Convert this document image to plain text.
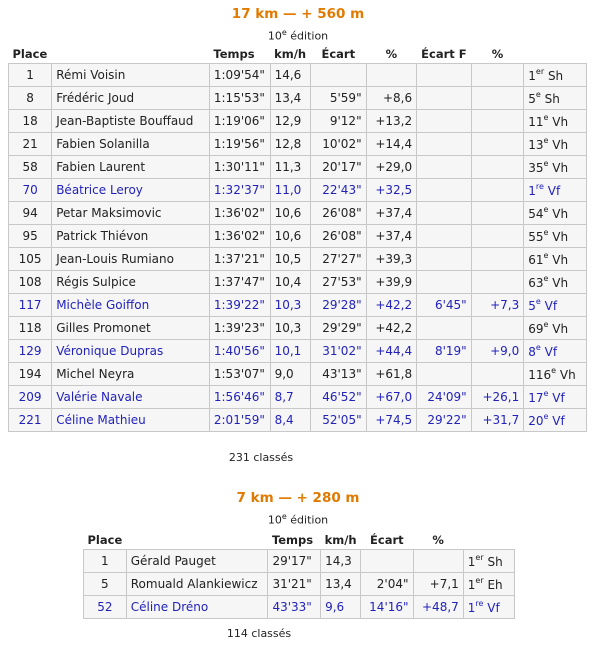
17 km — + 560 m
10e édition
Place		Temps	km/h	Écart	%	Écart F	%	
1	Rémi Voisin	1:09'54"	14,6					1er Sh
8	Frédéric Joud	1:15'53"	13,4	5'59"	+8,6			5e Sh
18	Jean-Baptiste Bouffaud	1:19'06"	12,9	9'12"	+13,2			11e Vh
21	Fabien Solanilla	1:19'56"	12,8	10'02"	+14,4			13e Vh
58	Fabien Laurent	1:30'11"	11,3	20'17"	+29,0			35e Vh
70	Béatrice Leroy	1:32'37"	11,0	22'43"	+32,5			1re Vf
94	Petar Maksimovic	1:36'02"	10,6	26'08"	+37,4			54e Vh
95	Patrick Thiévon	1:36'02"	10,6	26'08"	+37,4			55e Vh
105	Jean-Louis Rumiano	1:37'21"	10,5	27'27"	+39,3			61e Vh
108	Régis Sulpice	1:37'47"	10,4	27'53"	+39,9			63e Vh
117	Michèle Goiffon	1:39'22"	10,3	29'28"	+42,2	6'45"	+7,3	5e Vf
118	Gilles Promonet	1:39'23"	10,3	29'29"	+42,2			69e Vh
129	Véronique Dupras	1:40'56"	10,1	31'02"	+44,4	8'19"	+9,0	8e Vf
194	Michel Neyra	1:53'07"	9,0	43'13"	+61,8			116e Vh
209	Valérie Navale	1:56'46"	8,7	46'52"	+67,0	24'09"	+26,1	17e Vf
221	Céline Mathieu	2:01'59"	8,4	52'05"	+74,5	29'22"	+31,7	20e Vf
231 classés
7 km — + 280 m
10e édition
Place		Temps	km/h	Écart	%	
1	Gérald Pauget	29'17"	14,3			1er Sh
5	Romuald Alankiewicz	31'21"	13,4	2'04"	+7,1	1er Eh
52	Céline Dréno	43'33"	9,6	14'16"	+48,7	1re Vf
114 classés
